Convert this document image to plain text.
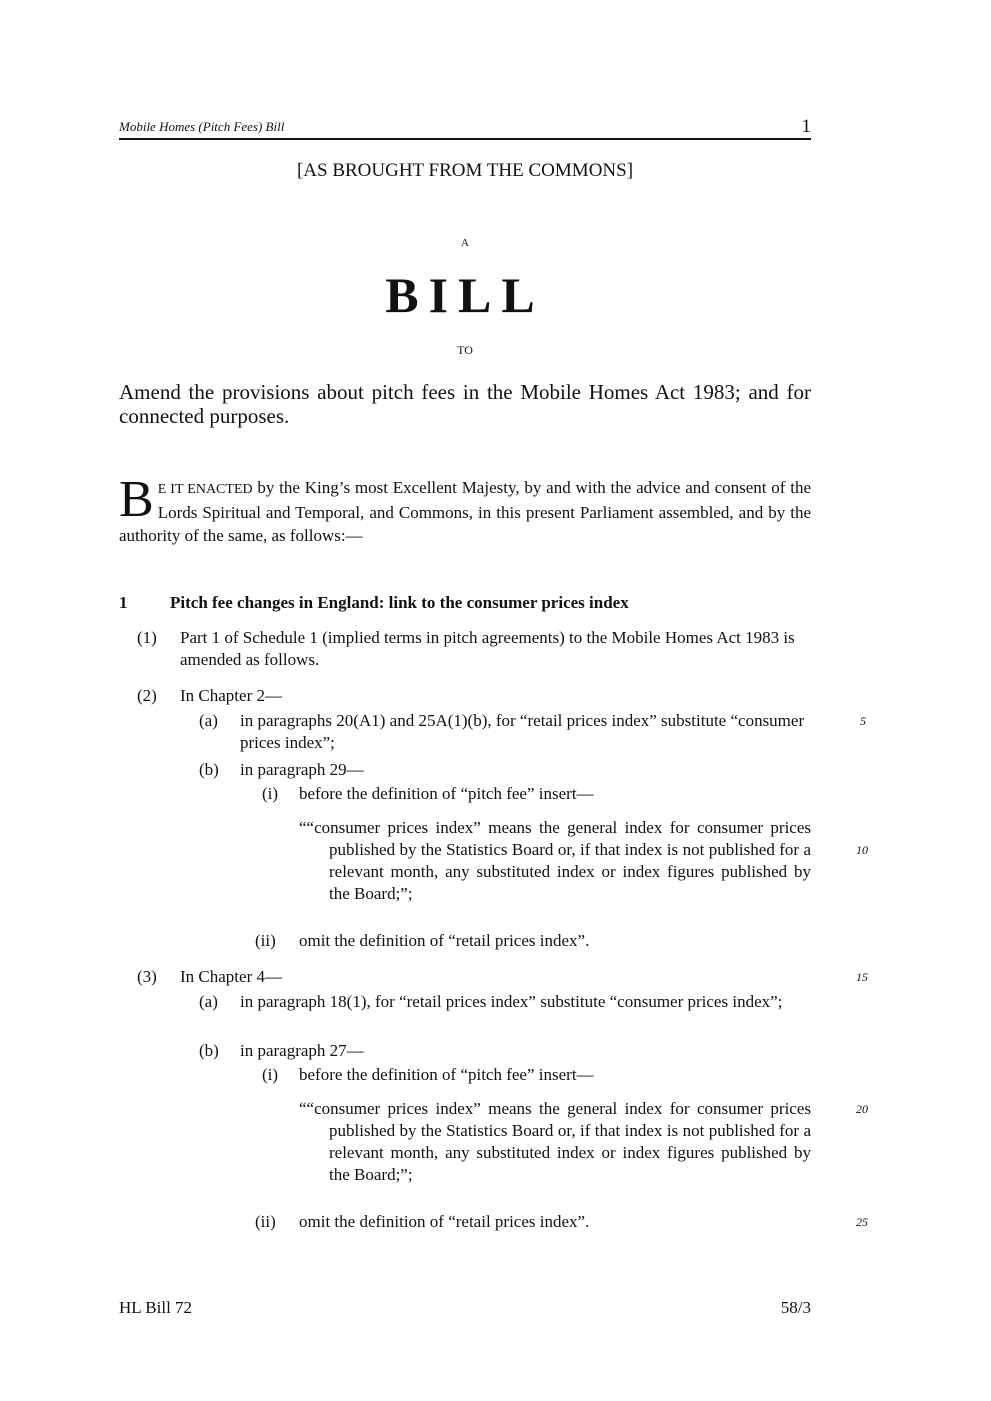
Mobile Homes (Pitch Fees) Bill	1
[AS BROUGHT FROM THE COMMONS]
A
BILL
TO
Amend the provisions about pitch fees in the Mobile Homes Act 1983; and for connected purposes.
B E IT ENACTED by the King’s most Excellent Majesty, by and with the advice and consent of the Lords Spiritual and Temporal, and Commons, in this present Parliament assembled, and by the authority of the same, as follows:—
1	Pitch fee changes in England: link to the consumer prices index
(1) Part 1 of Schedule 1 (implied terms in pitch agreements) to the Mobile Homes Act 1983 is amended as follows.
(2) In Chapter 2—
(a) in paragraphs 20(A1) and 25A(1)(b), for “retail prices index” substitute “consumer prices index”;
(b) in paragraph 29—
(i) before the definition of “pitch fee” insert—
““consumer prices index” means the general index for consumer prices published by the Statistics Board or, if that index is not published for a relevant month, any substituted index or index figures published by the Board;”;
(ii) omit the definition of “retail prices index”.
(3) In Chapter 4—
(a) in paragraph 18(1), for “retail prices index” substitute “consumer prices index”;
(b) in paragraph 27—
(i) before the definition of “pitch fee” insert—
““consumer prices index” means the general index for consumer prices published by the Statistics Board or, if that index is not published for a relevant month, any substituted index or index figures published by the Board;”;
(ii) omit the definition of “retail prices index”.
5
10
15
20
25
HL Bill 72	58/3
